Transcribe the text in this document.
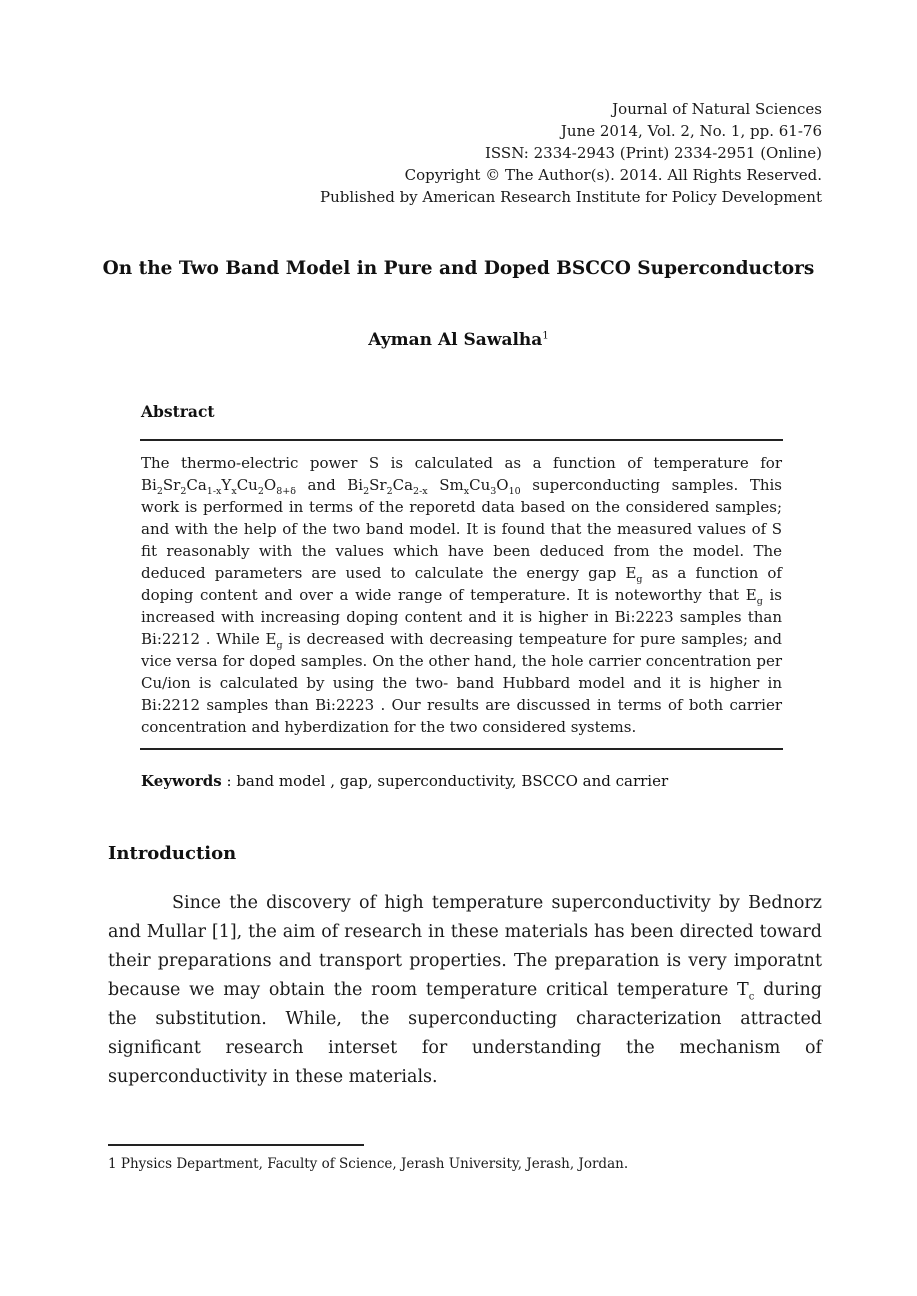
Journal of Natural Sciences
June 2014, Vol. 2, No. 1, pp. 61-76
ISSN: 2334-2943 (Print) 2334-2951 (Online)
Copyright © The Author(s). 2014. All Rights Reserved.
Published by American Research Institute for Policy Development
On the Two Band Model in Pure and Doped BSCCO Superconductors
Ayman Al Sawalha$^1$
Abstract
The thermo-electric power S is calculated as a function of temperature for $Bi_2Sr_2Ca_{1-x}Y_xCu_2O_{8+\delta}$ and $Bi_2Sr_2Ca_{2-x}$ $Sm_xCu_3O_{10}$ superconducting samples. This work is performed in terms of the reporetd data based on the considered samples; and with the help of the two band model. It is found that the measured values of S fit reasonably with the values which have been deduced from the model. The deduced parameters are used to calculate the energy gap $E_g$ as a function of doping content and over a wide range of temperature. It is noteworthy that $E_g$ is increased with increasing doping content and it is higher in Bi:2223 samples than Bi:2212 . While $E_g$ is decreased with decreasing tempeature for pure samples; and vice versa for doped samples. On the other hand, the hole carrier concentration per Cu/ion is calculated by using the two- band Hubbard model and it is higher in Bi:2212 samples than Bi:2223 . Our results are discussed in terms of both carrier concentration and hyberdization for the two considered systems.
Keywords : band model , gap, superconductivity, BSCCO and carrier
Introduction
Since the discovery of high temperature superconductivity by Bednorz and Mullar [1], the aim of research in these materials has been directed toward their preparations and transport properties. The preparation is very imporatnt because we may obtain the room temperature critical temperature $T_c$ during the substitution. While, the superconducting characterization attracted significant research interset for understanding the mechanism of superconductivity in these materials.
1 Physics Department, Faculty of Science, Jerash University, Jerash, Jordan.
